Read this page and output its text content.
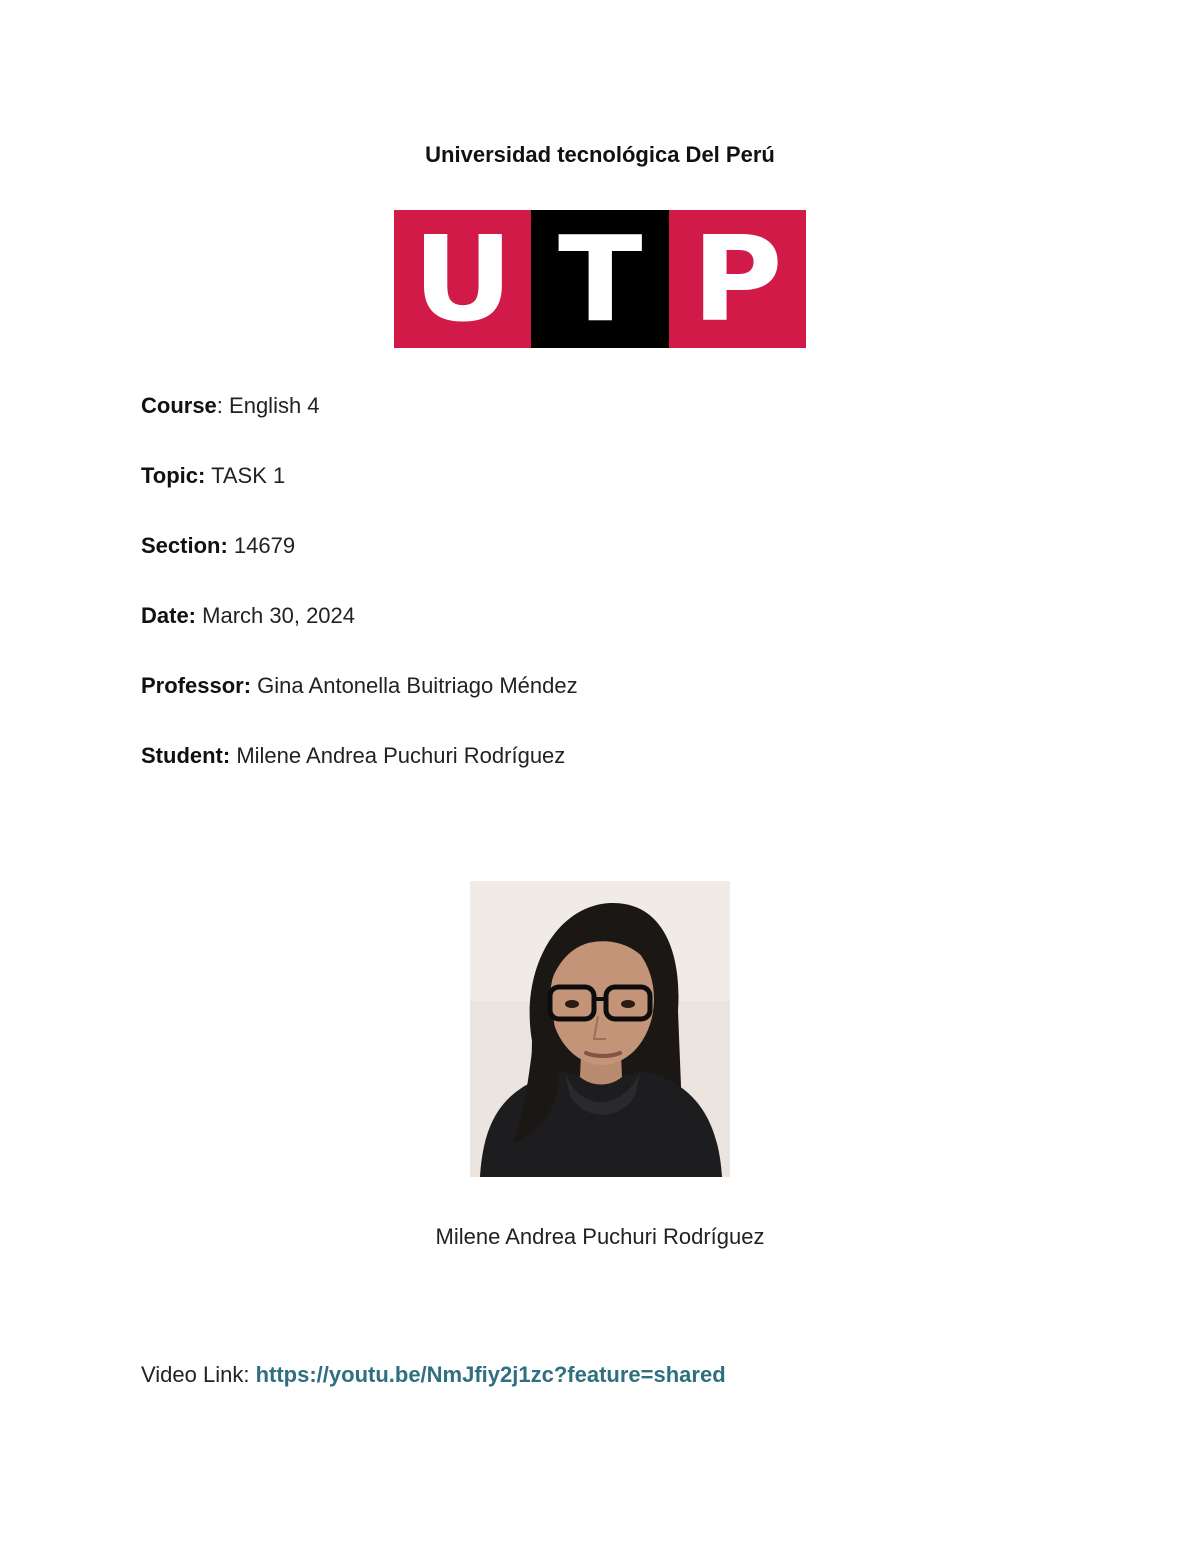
Universidad tecnológica Del Perú
U T P
Course: English 4
Topic: TASK 1
Section: 14679
Date: March 30, 2024
Professor: Gina Antonella Buitriago Méndez
Student: Milene Andrea Puchuri Rodríguez
Milene Andrea Puchuri Rodríguez
Video Link: https://youtu.be/NmJfiy2j1zc?feature=shared
